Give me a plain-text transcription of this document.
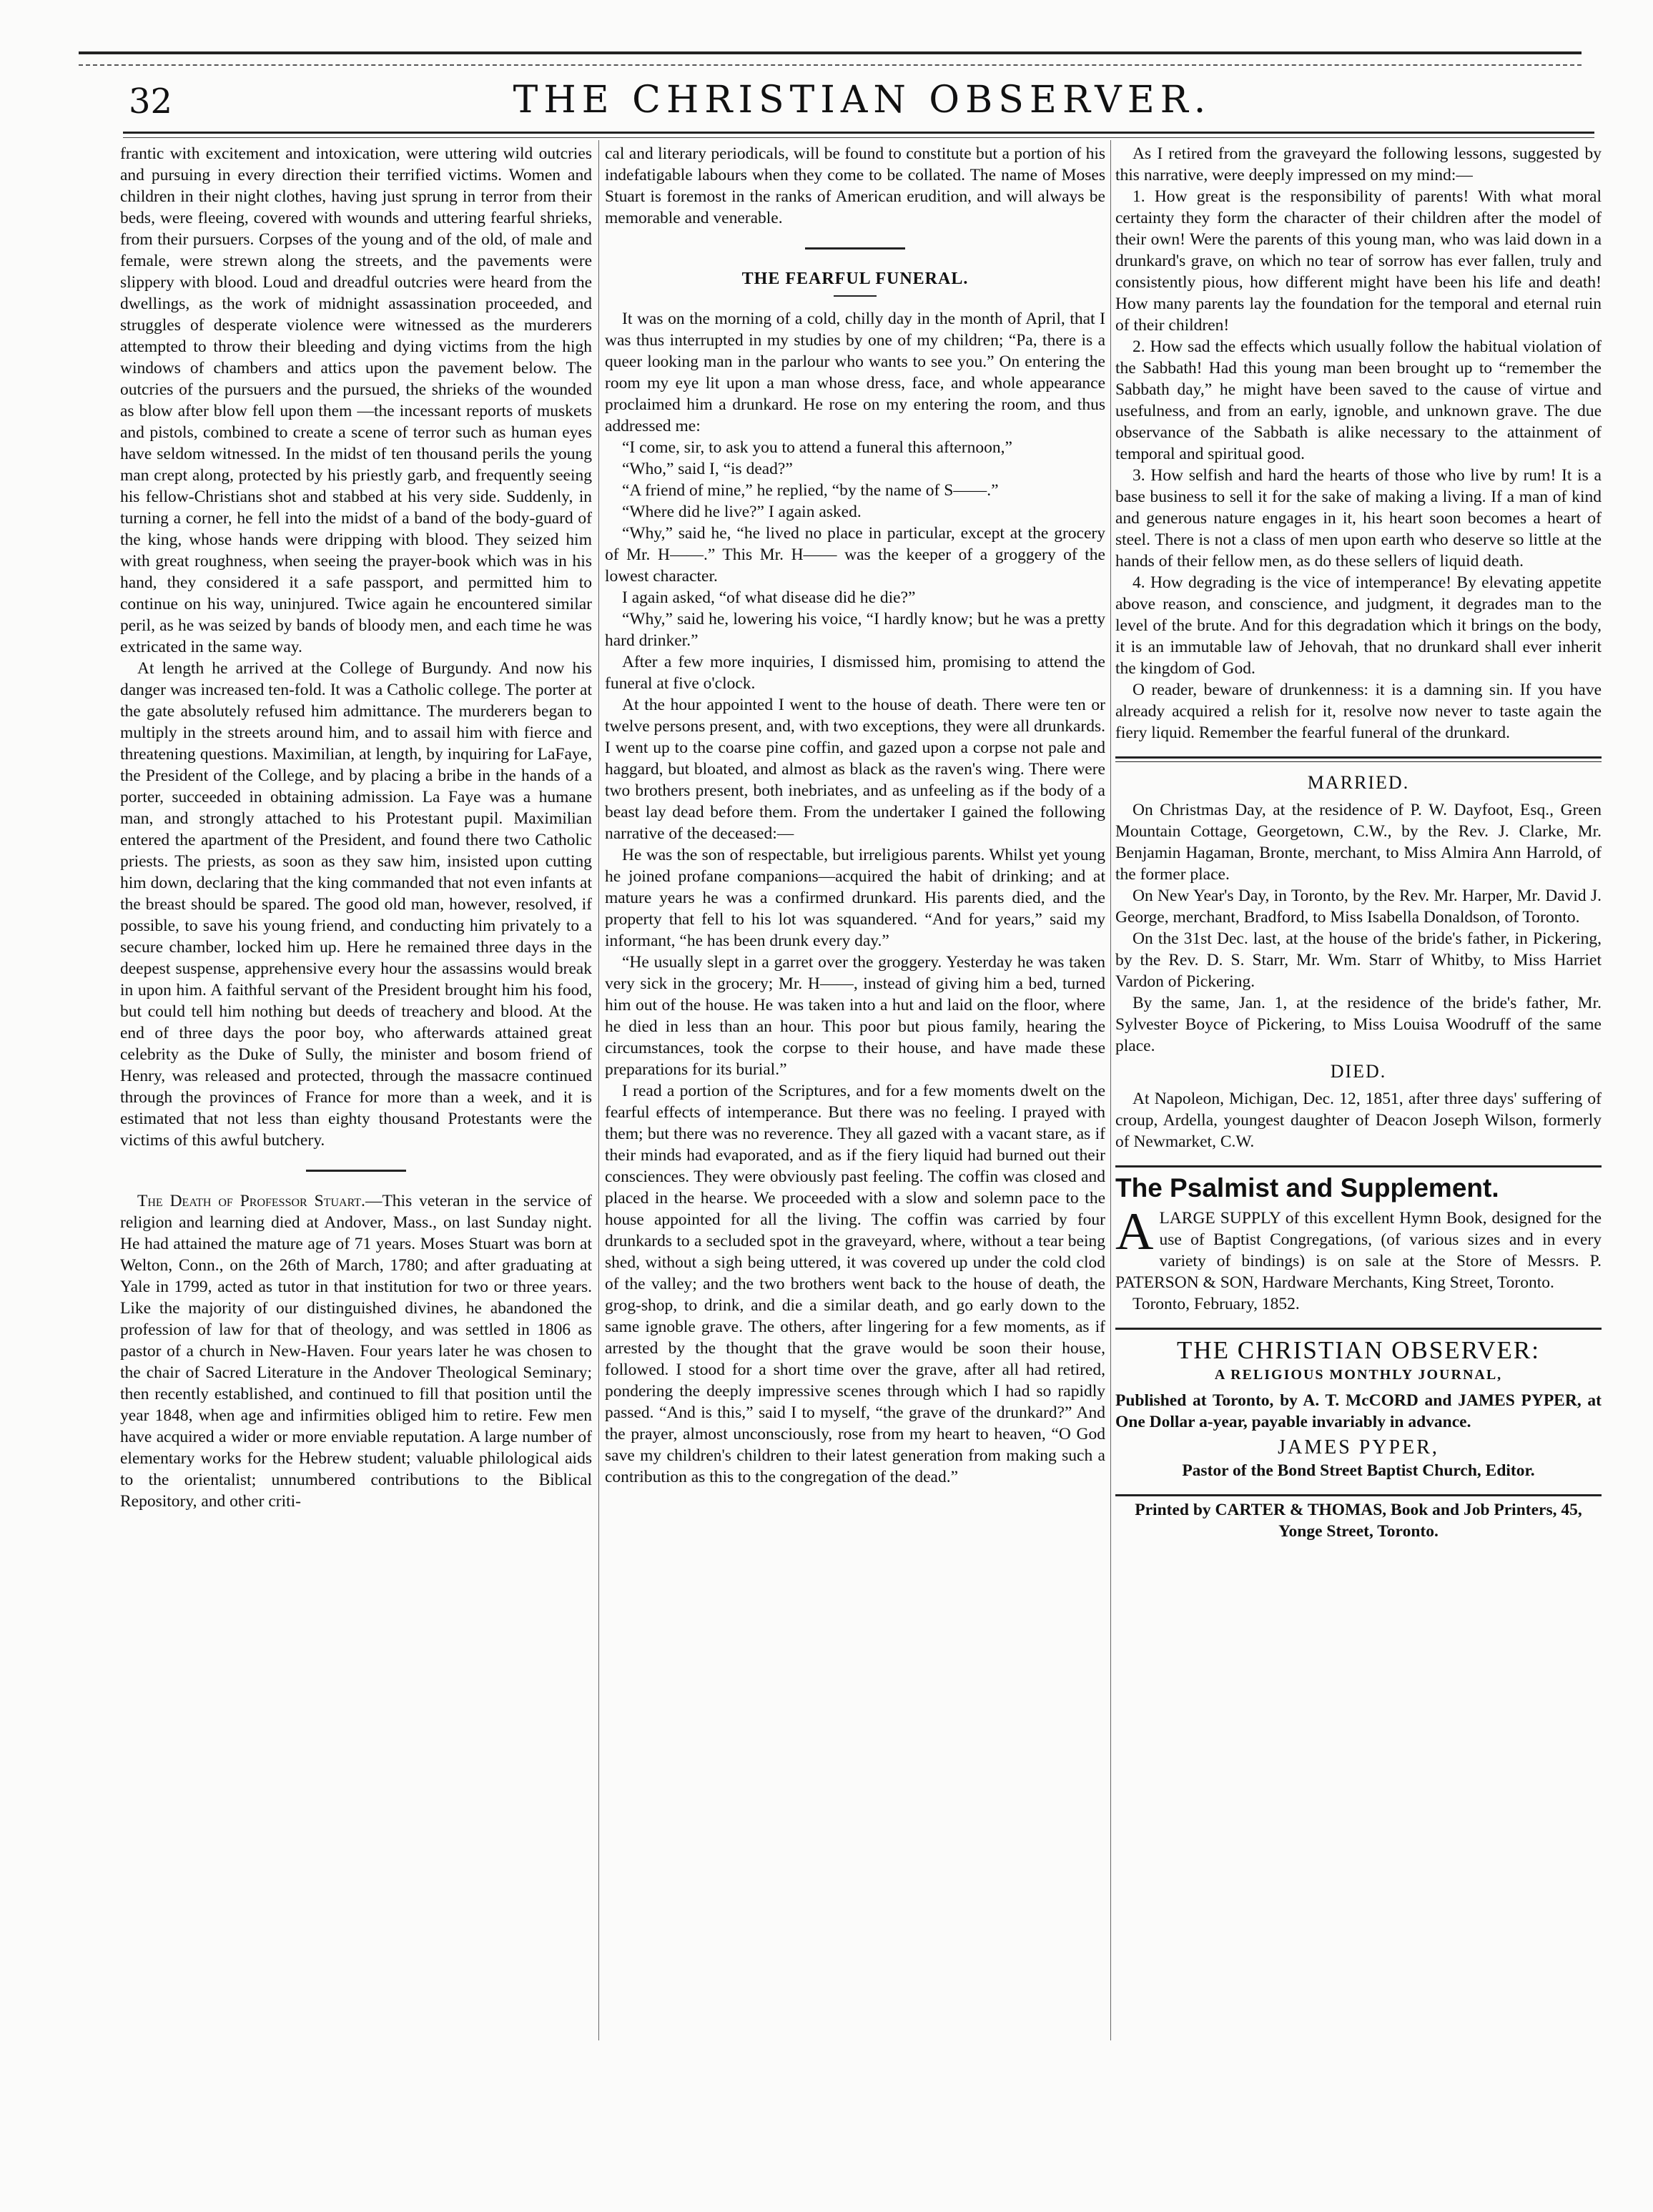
32	THE CHRISTIAN OBSERVER.

frantic with excitement and intoxication, were uttering wild outcries and pursuing in every direction their terrified victims. Women and children in their night clothes, having just sprung in terror from their beds, were fleeing, covered with wounds and uttering fearful shrieks, from their pursuers. Corpses of the young and of the old, of male and female, were strewn along the streets, and the pavements were slippery with blood. Loud and dreadful outcries were heard from the dwellings, as the work of midnight assassination proceeded, and struggles of desperate violence were witnessed as the murderers attempted to throw their bleeding and dying victims from the high windows of chambers and attics upon the pavement below. The outcries of the pursuers and the pursued, the shrieks of the wounded as blow after blow fell upon them —the incessant reports of muskets and pistols, combined to create a scene of terror such as human eyes have seldom witnessed. In the midst of ten thousand perils the young man crept along, protected by his priestly garb, and frequently seeing his fellow-Christians shot and stabbed at his very side. Suddenly, in turning a corner, he fell into the midst of a band of the body-guard of the king, whose hands were dripping with blood. They seized him with great roughness, when seeing the prayer-book which was in his hand, they considered it a safe passport, and permitted him to continue on his way, uninjured. Twice again he encountered similar peril, as he was seized by bands of bloody men, and each time he was extricated in the same way.

At length he arrived at the College of Burgundy. And now his danger was increased ten-fold. It was a Catholic college. The porter at the gate absolutely refused him admittance. The murderers began to multiply in the streets around him, and to assail him with fierce and threatening questions. Maximilian, at length, by inquiring for LaFaye, the President of the College, and by placing a bribe in the hands of a porter, succeeded in obtaining admission. La Faye was a humane man, and strongly attached to his Protestant pupil. Maximilian entered the apartment of the President, and found there two Catholic priests. The priests, as soon as they saw him, insisted upon cutting him down, declaring that the king commanded that not even infants at the breast should be spared. The good old man, however, resolved, if possible, to save his young friend, and conducting him privately to a secure chamber, locked him up. Here he remained three days in the deepest suspense, apprehensive every hour the assassins would break in upon him. A faithful servant of the President brought him his food, but could tell him nothing but deeds of treachery and blood. At the end of three days the poor boy, who afterwards attained great celebrity as the Duke of Sully, the minister and bosom friend of Henry, was released and protected, through the massacre continued through the provinces of France for more than a week, and it is estimated that not less than eighty thousand Protestants were the victims of this awful butchery.

The Death of Professor Stuart.—This veteran in the service of religion and learning died at Andover, Mass., on last Sunday night. He had attained the mature age of 71 years. Moses Stuart was born at Welton, Conn., on the 26th of March, 1780; and after graduating at Yale in 1799, acted as tutor in that institution for two or three years. Like the majority of our distinguished divines, he abandoned the profession of law for that of theology, and was settled in 1806 as pastor of a church in New-Haven. Four years later he was chosen to the chair of Sacred Literature in the Andover Theological Seminary; then recently established, and continued to fill that position until the year 1848, when age and infirmities obliged him to retire. Few men have acquired a wider or more enviable reputation. A large number of elementary works for the Hebrew student; valuable philological aids to the orientalist; unnumbered contributions to the Biblical Repository, and other criti-

cal and literary periodicals, will be found to constitute but a portion of his indefatigable labours when they come to be collated. The name of Moses Stuart is foremost in the ranks of American erudition, and will always be memorable and venerable.

THE FEARFUL FUNERAL.

It was on the morning of a cold, chilly day in the month of April, that I was thus interrupted in my studies by one of my children; “Pa, there is a queer looking man in the parlour who wants to see you.” On entering the room my eye lit upon a man whose dress, face, and whole appearance proclaimed him a drunkard. He rose on my entering the room, and thus addressed me:

“I come, sir, to ask you to attend a funeral this afternoon,”

“Who,” said I, “is dead?”

“A friend of mine,” he replied, “by the name of S——.”

“Where did he live?” I again asked.

“Why,” said he, “he lived no place in particular, except at the grocery of Mr. H——.” This Mr. H—— was the keeper of a groggery of the lowest character.

I again asked, “of what disease did he die?”

“Why,” said he, lowering his voice, “I hardly know; but he was a pretty hard drinker.”

After a few more inquiries, I dismissed him, promising to attend the funeral at five o'clock.

At the hour appointed I went to the house of death. There were ten or twelve persons present, and, with two exceptions, they were all drunkards. I went up to the coarse pine coffin, and gazed upon a corpse not pale and haggard, but bloated, and almost as black as the raven's wing. There were two brothers present, both inebriates, and as unfeeling as if the body of a beast lay dead before them. From the undertaker I gained the following narrative of the deceased:—

He was the son of respectable, but irreligious parents. Whilst yet young he joined profane companions—acquired the habit of drinking; and at mature years he was a confirmed drunkard. His parents died, and the property that fell to his lot was squandered. “And for years,” said my informant, “he has been drunk every day.”

“He usually slept in a garret over the groggery. Yesterday he was taken very sick in the grocery; Mr. H——, instead of giving him a bed, turned him out of the house. He was taken into a hut and laid on the floor, where he died in less than an hour. This poor but pious family, hearing the circumstances, took the corpse to their house, and have made these preparations for its burial.”

I read a portion of the Scriptures, and for a few moments dwelt on the fearful effects of intemperance. But there was no feeling. I prayed with them; but there was no reverence. They all gazed with a vacant stare, as if their minds had evaporated, and as if the fiery liquid had burned out their consciences. They were obviously past feeling. The coffin was closed and placed in the hearse. We proceeded with a slow and solemn pace to the house appointed for all the living. The coffin was carried by four drunkards to a secluded spot in the graveyard, where, without a tear being shed, without a sigh being uttered, it was covered up under the cold clod of the valley; and the two brothers went back to the house of death, the grog-shop, to drink, and die a similar death, and go early down to the same ignoble grave. The others, after lingering for a few moments, as if arrested by the thought that the grave would be soon their house, followed. I stood for a short time over the grave, after all had retired, pondering the deeply impressive scenes through which I had so rapidly passed. “And is this,” said I to myself, “the grave of the drunkard?” And the prayer, almost unconsciously, rose from my heart to heaven, “O God save my children's children to their latest generation from making such a contribution as this to the congregation of the dead.”

As I retired from the graveyard the following lessons, suggested by this narrative, were deeply impressed on my mind:—

1. How great is the responsibility of parents! With what moral certainty they form the character of their children after the model of their own! Were the parents of this young man, who was laid down in a drunkard's grave, on which no tear of sorrow has ever fallen, truly and consistently pious, how different might have been his life and death! How many parents lay the foundation for the temporal and eternal ruin of their children!

2. How sad the effects which usually follow the habitual violation of the Sabbath! Had this young man been brought up to “remember the Sabbath day,” he might have been saved to the cause of virtue and usefulness, and from an early, ignoble, and unknown grave. The due observance of the Sabbath is alike necessary to the attainment of temporal and spiritual good.

3. How selfish and hard the hearts of those who live by rum! It is a base business to sell it for the sake of making a living. If a man of kind and generous nature engages in it, his heart soon becomes a heart of steel. There is not a class of men upon earth who deserve so little at the hands of their fellow men, as do these sellers of liquid death.

4. How degrading is the vice of intemperance! By elevating appetite above reason, and conscience, and judgment, it degrades man to the level of the brute. And for this degradation which it brings on the body, it is an immutable law of Jehovah, that no drunkard shall ever inherit the kingdom of God.

O reader, beware of drunkenness: it is a damning sin. If you have already acquired a relish for it, resolve now never to taste again the fiery liquid. Remember the fearful funeral of the drunkard.

MARRIED.

On Christmas Day, at the residence of P. W. Dayfoot, Esq., Green Mountain Cottage, Georgetown, C.W., by the Rev. J. Clarke, Mr. Benjamin Hagaman, Bronte, merchant, to Miss Almira Ann Harrold, of the former place.

On New Year's Day, in Toronto, by the Rev. Mr. Harper, Mr. David J. George, merchant, Bradford, to Miss Isabella Donaldson, of Toronto.

On the 31st Dec. last, at the house of the bride's father, in Pickering, by the Rev. D. S. Starr, Mr. Wm. Starr of Whitby, to Miss Harriet Vardon of Pickering.

By the same, Jan. 1, at the residence of the bride's father, Mr. Sylvester Boyce of Pickering, to Miss Louisa Woodruff of the same place.

DIED.

At Napoleon, Michigan, Dec. 12, 1851, after three days' suffering of croup, Ardella, youngest daughter of Deacon Joseph Wilson, formerly of Newmarket, C.W.

The Psalmist and Supplement.

ALARGE SUPPLY of this excellent Hymn Book, designed for the use of Baptist Congregations, (of various sizes and in every variety of bindings) is on sale at the Store of Messrs. P. PATERSON & SON, Hardware Merchants, King Street, Toronto.

Toronto, February, 1852.

THE CHRISTIAN OBSERVER:
A RELIGIOUS MONTHLY JOURNAL,

Published at Toronto, by A. T. McCORD and JAMES PYPER, at One Dollar a-year, payable invariably in advance.

JAMES PYPER,

Pastor of the Bond Street Baptist Church, Editor.

Printed by CARTER & THOMAS, Book and Job Printers, 45, Yonge Street, Toronto.
